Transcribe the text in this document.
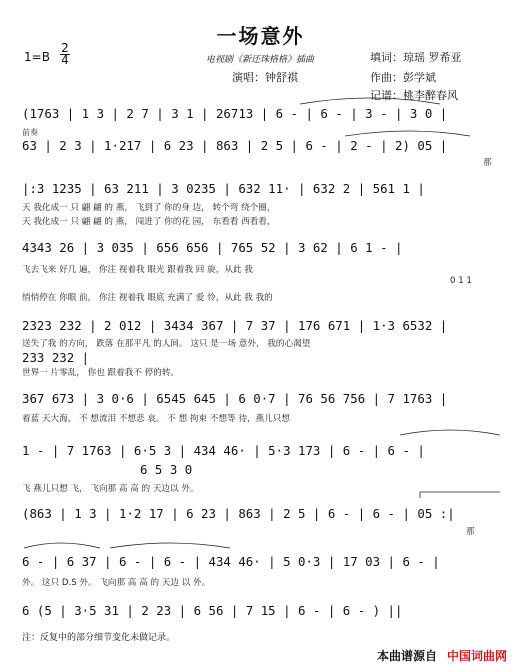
一场意外
1=B
2
4	电视剧《新还珠格格》插曲	填词：琼瑶 罗希亚
演唱：钟舒祺	作曲：彭学斌
记谱：桃李醉春风
(1763 | 1 3 | 2 7 | 3 1 | 26713 | 6 - | 6 - | 3 - | 3 0 |
前奏
63 | 2 3 | 1·217 | 6 23 | 863 | 2 5 | 6 - | 2 - | 2) 05 |
那
|:3 1235 | 63 211 | 3 0235 | 632 11· | 632 2 | 561 1 |
天 我化成一 只 翩 翩 的 燕， 飞到了 你的身 边， 转个弯 绕个圈，
天 我化成一 只 翩 翩 的 燕， 闯进了 你的花 园， 东看看 西看看，
4343 26 | 3 035 | 656 656 | 765 52 | 3 62 | 6 1 - |
飞去飞来 好几 遍， 你注 视着我 眼光 跟着我 回 旋，从此 我
0 1 1
悄悄停在 你眼 前， 你注 视着我 眼底 充满了 爱 怜，从此 我 我的
2323 232 | 2 012 | 3434 367 | 7 37 | 176 671 | 1·3 6532 |
送失了我 的方向， 跌落 在那平凡 的人间。 这只 是一场 意外， 我的心渴望
233 232 |
世界一 片零乱， 你也 跟着我不 停的转。
367 673 | 3 0·6 | 6545 645 | 6 0·7 | 76 56 756 | 7 1763 |
着蓝 天大海， 不 想流泪 不想悲 哀。 不 想 拘束 不想等 待，燕儿只想
1 - | 7 1763 | 6·5 3 | 434 46· | 5·3 173 | 6 - | 6 - |
6 5 3 0
飞 燕儿只想 飞， 飞向那 高 高 的 天边以 外。
(863 | 1 3 | 1·2 17 | 6 23 | 863 | 2 5 | 6 - | 6 - | 05 :|
那
6 - | 6 37 | 6 - | 6 - | 434 46· | 5 0·3 | 17 03 | 6 - |
外。 这只 D.S 外。 飞向那 高 高 的 天边 以 外。
6 (5 | 3·5 31 | 2 23 | 6 56 | 7 15 | 6 - | 6 - ) ||
注：反复中的部分细节变化未做记录。
本曲谱源自 中国词曲网
